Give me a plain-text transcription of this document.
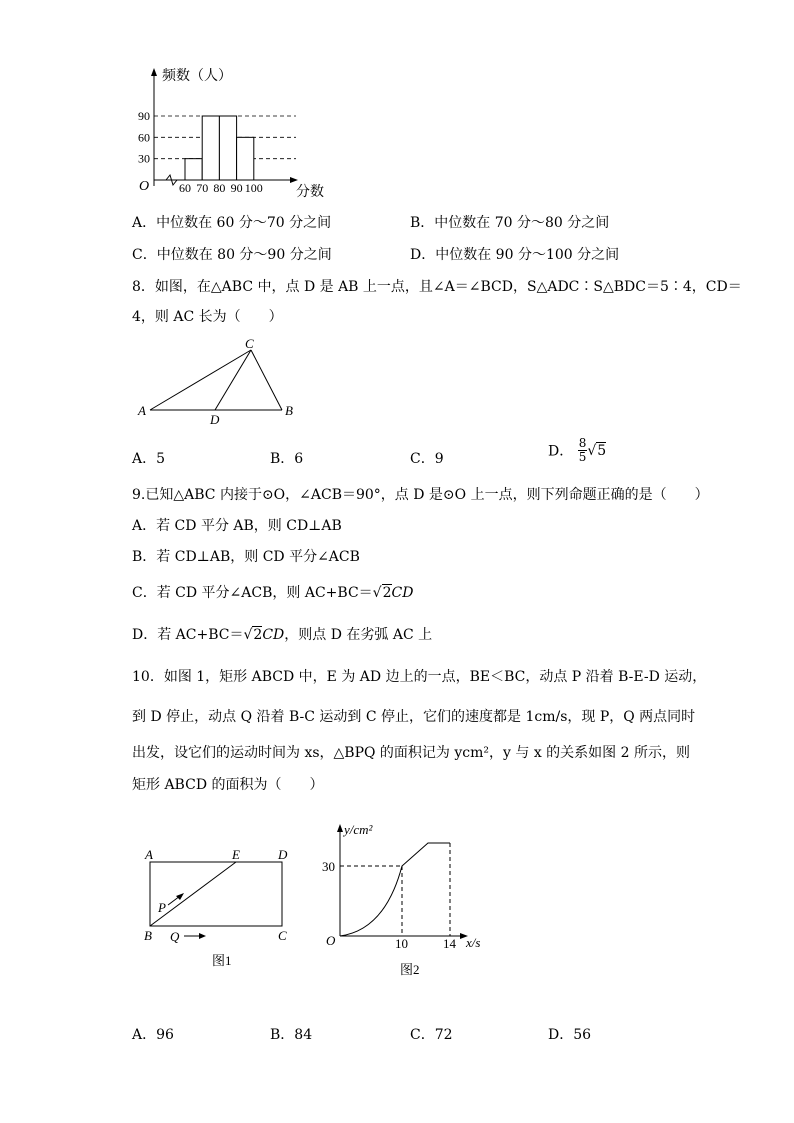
频数（人）
分数
O
90
60
30
60 70 80 90 100
A．中位数在 60 分～70 分之间	B．中位数在 70 分～80 分之间
C．中位数在 80 分～90 分之间	D．中位数在 90 分～100 分之间
8．如图，在△ABC 中，点 D 是 AB 上一点，且∠A＝∠BCD，S△ADC∶S△BDC＝5∶4，CD＝
4，则 AC 长为（　　）
A	B
C
D
A．5	B．6	C．9	D． $\frac{8}{5} √5$
9.已知△ABC 内接于⊙O，∠ACB＝90°，点 D 是⊙O 上一点，则下列命题正确的是（　　）
A．若 CD 平分 AB，则 CD⊥AB
B．若 CD⊥AB，则 CD 平分∠ACB
C．若 CD 平分∠ACB，则 AC+BC＝√2CD
D．若 AC+BC＝√2CD，则点 D 在劣弧 AC 上
10．如图 1，矩形 ABCD 中，E 为 AD 边上的一点，BE＜BC，动点 P 沿着 B-E-D 运动，
到 D 停止，动点 Q 沿着 B-C 运动到 C 停止，它们的速度都是 1cm/s，现 P，Q 两点同时
出发，设它们的运动时间为 xs，△BPQ 的面积记为 ycm²，y 与 x 的关系如图 2 所示，则
矩形 ABCD 的面积为（　　）
A	E	D
P
B Q	C
图1
y/cm²
x/s
O
30
10	14
图2
A．96	B．84	C．72	D．56
